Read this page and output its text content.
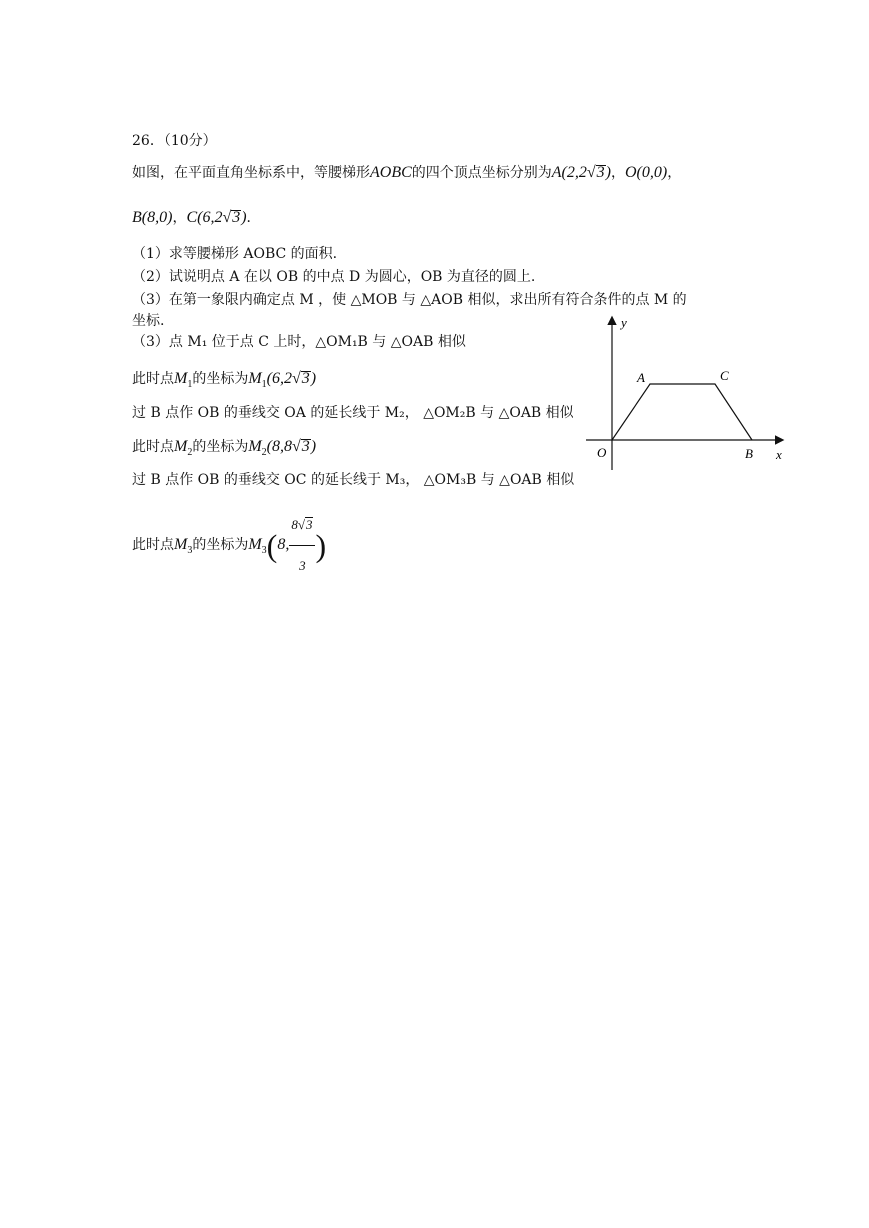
26．（10分）
如图，在平面直角坐标系中，等腰梯形AOBC的四个顶点坐标分别为A(2,2√3)，O(0,0)，
B(8,0)，C(6,2√3)．
（1）求等腰梯形 AOBC 的面积.
（2）试说明点 A 在以 OB 的中点 D 为圆心，OB 为直径的圆上.
（3）在第一象限内确定点 M ，使 △MOB 与 △AOB 相似，求出所有符合条件的点 M 的
坐标.
（3）点 M₁ 位于点 C 上时，△OM₁B 与 △OAB 相似
此时点$M_1$的坐标为$M_1(6,2√3)$
过 B 点作 OB 的垂线交 OA 的延长线于 M₂， △OM₂B 与 △OAB 相似
此时点$M_2$的坐标为$M_2(8,8√3)$
过 B 点作 OB 的垂线交 OC 的延长线于 M₃， △OM₃B 与 △OAB 相似
此时点$M_3$的坐标为$M_3(8$, $\frac{8√3}{3}$ )
y
x
O
A	C
B
